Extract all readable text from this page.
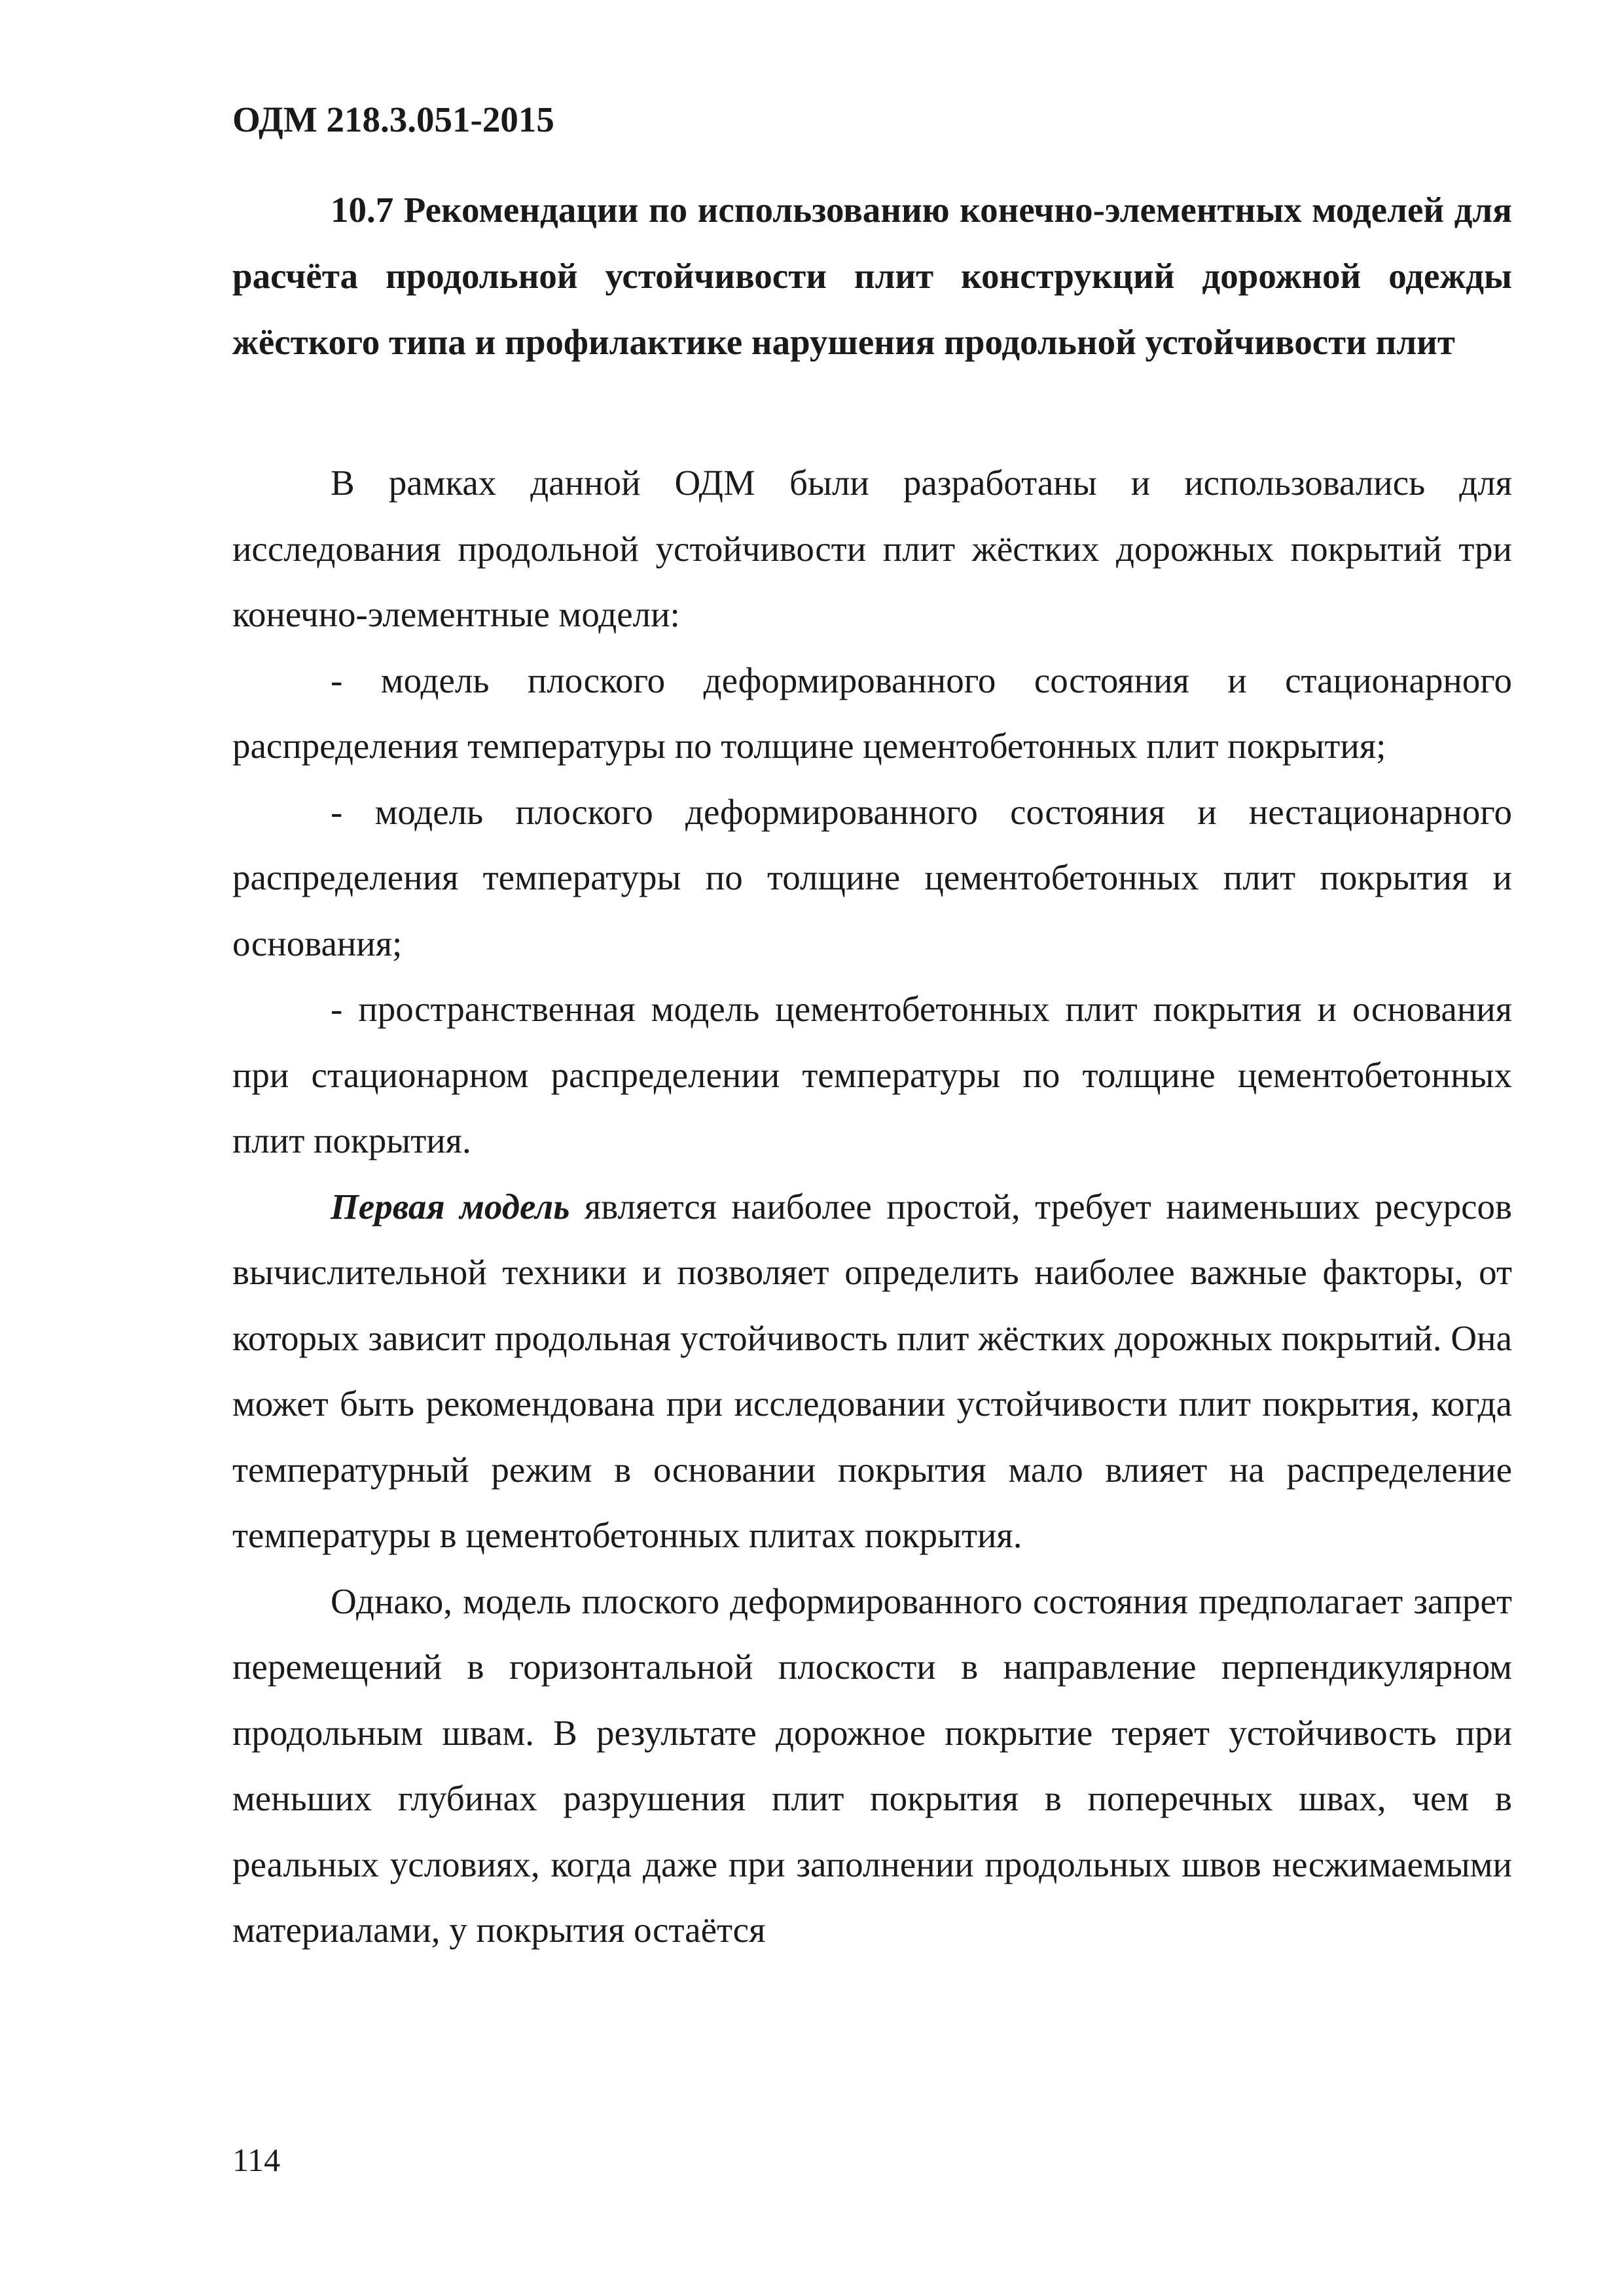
ОДМ 218.3.051-2015
10.7 Рекомендации по использованию конечно-элементных моделей для расчёта продольной устойчивости плит конструкций дорожной одежды жёсткого типа и профилактике нарушения продольной устойчивости плит

В рамках данной ОДМ были разработаны и использовались для исследования продольной устойчивости плит жёстких дорожных покрытий три конечно-элементные модели:

- модель плоского деформированного состояния и стационарного распределения температуры по толщине цементобетонных плит покрытия;

- модель плоского деформированного состояния и нестационарного распределения температуры по толщине цементобетонных плит покрытия и основания;

- пространственная модель цементобетонных плит покрытия и основания при стационарном распределении температуры по толщине цементобетонных плит покрытия.

Первая модель является наиболее простой, требует наименьших ресурсов вычислительной техники и позволяет определить наиболее важные факторы, от которых зависит продольная устойчивость плит жёстких дорожных покрытий. Она может быть рекомендована при исследовании устойчивости плит покрытия, когда температурный режим в основании покрытия мало влияет на распределение температуры в цементобетонных плитах покрытия.

Однако, модель плоского деформированного состояния предполагает запрет перемещений в горизонтальной плоскости в направление перпендикулярном продольным швам. В результате дорожное покрытие теряет устойчивость при меньших глубинах разрушения плит покрытия в поперечных швах, чем в реальных условиях, когда даже при заполнении продольных швов несжимаемыми материалами, у покрытия остаётся

114
